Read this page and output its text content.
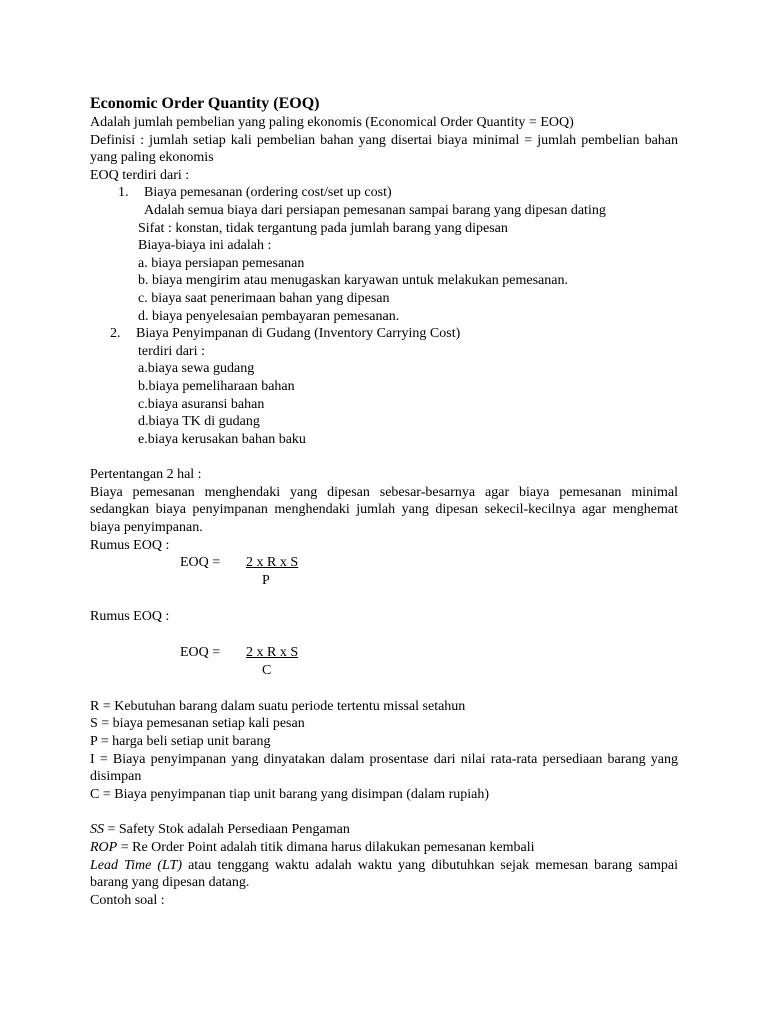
Economic Order Quantity (EOQ)

Adalah jumlah pembelian yang paling ekonomis (Economical Order Quantity = EOQ)

Definisi : jumlah setiap kali pembelian bahan yang disertai biaya minimal = jumlah pembelian bahan yang paling ekonomis

EOQ terdiri dari :

1. Biaya pemesanan (ordering cost/set up cost)

Adalah semua biaya dari persiapan pemesanan sampai barang yang dipesan dating

Sifat : konstan, tidak tergantung pada jumlah barang yang dipesan

Biaya-biaya ini adalah :

a. biaya persiapan pemesanan

b. biaya mengirim atau menugaskan karyawan untuk melakukan pemesanan.

c. biaya saat penerimaan bahan yang dipesan

d. biaya penyelesaian pembayaran pemesanan.

2. Biaya Penyimpanan di Gudang (Inventory Carrying Cost)

terdiri dari :

a.biaya sewa gudang

b.biaya pemeliharaan bahan

c.biaya asuransi bahan

d.biaya TK di gudang

e.biaya kerusakan bahan baku

Pertentangan 2 hal :

Biaya pemesanan menghendaki yang dipesan sebesar-besarnya agar biaya pemesanan minimal sedangkan biaya penyimpanan menghendaki jumlah yang dipesan sekecil-kecilnya agar menghemat biaya penyimpanan.

Rumus EOQ :

EOQ = 2 x R x S
P

Rumus EOQ :

EOQ = 2 x R x S
C

R = Kebutuhan barang dalam suatu periode tertentu missal setahun

S = biaya pemesanan setiap kali pesan

P = harga beli setiap unit barang

I = Biaya penyimpanan yang dinyatakan dalam prosentase dari nilai rata-rata persediaan barang yang disimpan

C = Biaya penyimpanan tiap unit barang yang disimpan (dalam rupiah)

SS = Safety Stok adalah Persediaan Pengaman

ROP = Re Order Point adalah titik dimana harus dilakukan pemesanan kembali

Lead Time (LT) atau tenggang waktu adalah waktu yang dibutuhkan sejak memesan barang sampai barang yang dipesan datang.

Contoh soal :
